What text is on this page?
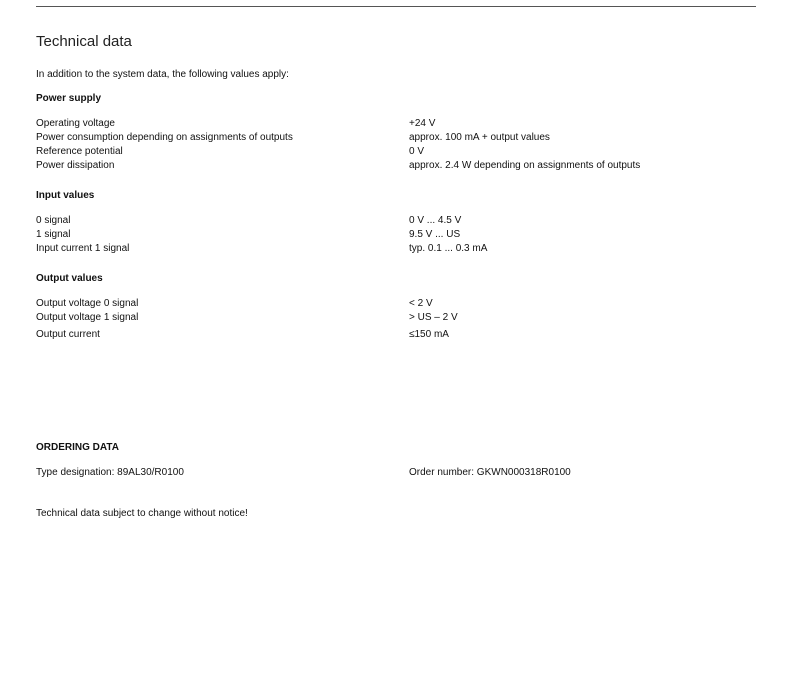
Technical data
In addition to the system data, the following values apply:
Power supply
Operating voltage	+24 V
Power consumption depending on assignments of outputs	approx. 100 mA + output values
Reference potential	0 V
Power dissipation	approx. 2.4 W depending on assignments of outputs
Input values
0 signal	0 V ... 4.5 V
1 signal	9.5 V ... US
Input current 1 signal	typ. 0.1 ... 0.3 mA
Output values
Output voltage 0 signal	< 2 V
Output voltage 1 signal	> US – 2 V
Output current	≤150 mA
ORDERING DATA
Type designation: 89AL30/R0100	Order number: GKWN000318R0100
Technical data subject to change without notice!
